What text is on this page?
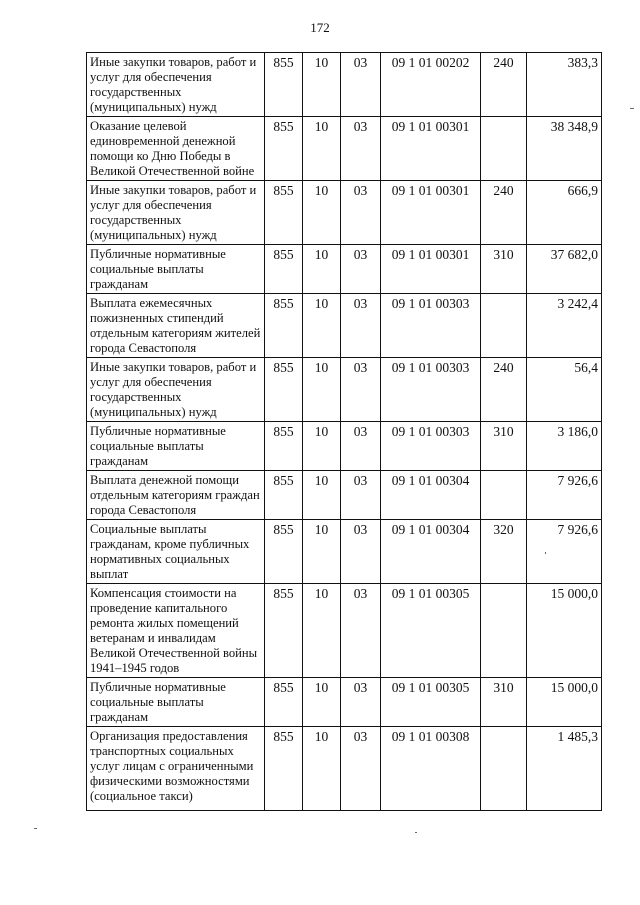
172
Иные закупки товаров, работ и услуг для обеспечения государственных (муниципальных) нужд	855	10	03	09 1 01 00202	240	383,3
Оказание целевой единовременной денежной помощи ко Дню Победы в Великой Отечественной войне	855	10	03	09 1 01 00301		38 348,9
Иные закупки товаров, работ и услуг для обеспечения государственных (муниципальных) нужд	855	10	03	09 1 01 00301	240	666,9
Публичные нормативные социальные выплаты гражданам	855	10	03	09 1 01 00301	310	37 682,0
Выплата ежемесячных пожизненных стипендий отдельным категориям жителей города Севастополя	855	10	03	09 1 01 00303		3 242,4
Иные закупки товаров, работ и услуг для обеспечения государственных (муниципальных) нужд	855	10	03	09 1 01 00303	240	56,4
Публичные нормативные социальные выплаты гражданам	855	10	03	09 1 01 00303	310	3 186,0
Выплата денежной помощи отдельным категориям граждан города Севастополя	855	10	03	09 1 01 00304		7 926,6
Социальные выплаты гражданам, кроме публичных нормативных социальных выплат	855	10	03	09 1 01 00304	320	7 926,6
Компенсация стоимости на проведение капитального ремонта жилых помещений ветеранам и инвалидам Великой Отечественной войны 1941–1945 годов	855	10	03	09 1 01 00305		15 000,0
Публичные нормативные социальные выплаты гражданам	855	10	03	09 1 01 00305	310	15 000,0
Организация предоставления транспортных социальных услуг лицам с ограниченными физическими возможностями (социальное такси)	855	10	03	09 1 01 00308		1 485,3
